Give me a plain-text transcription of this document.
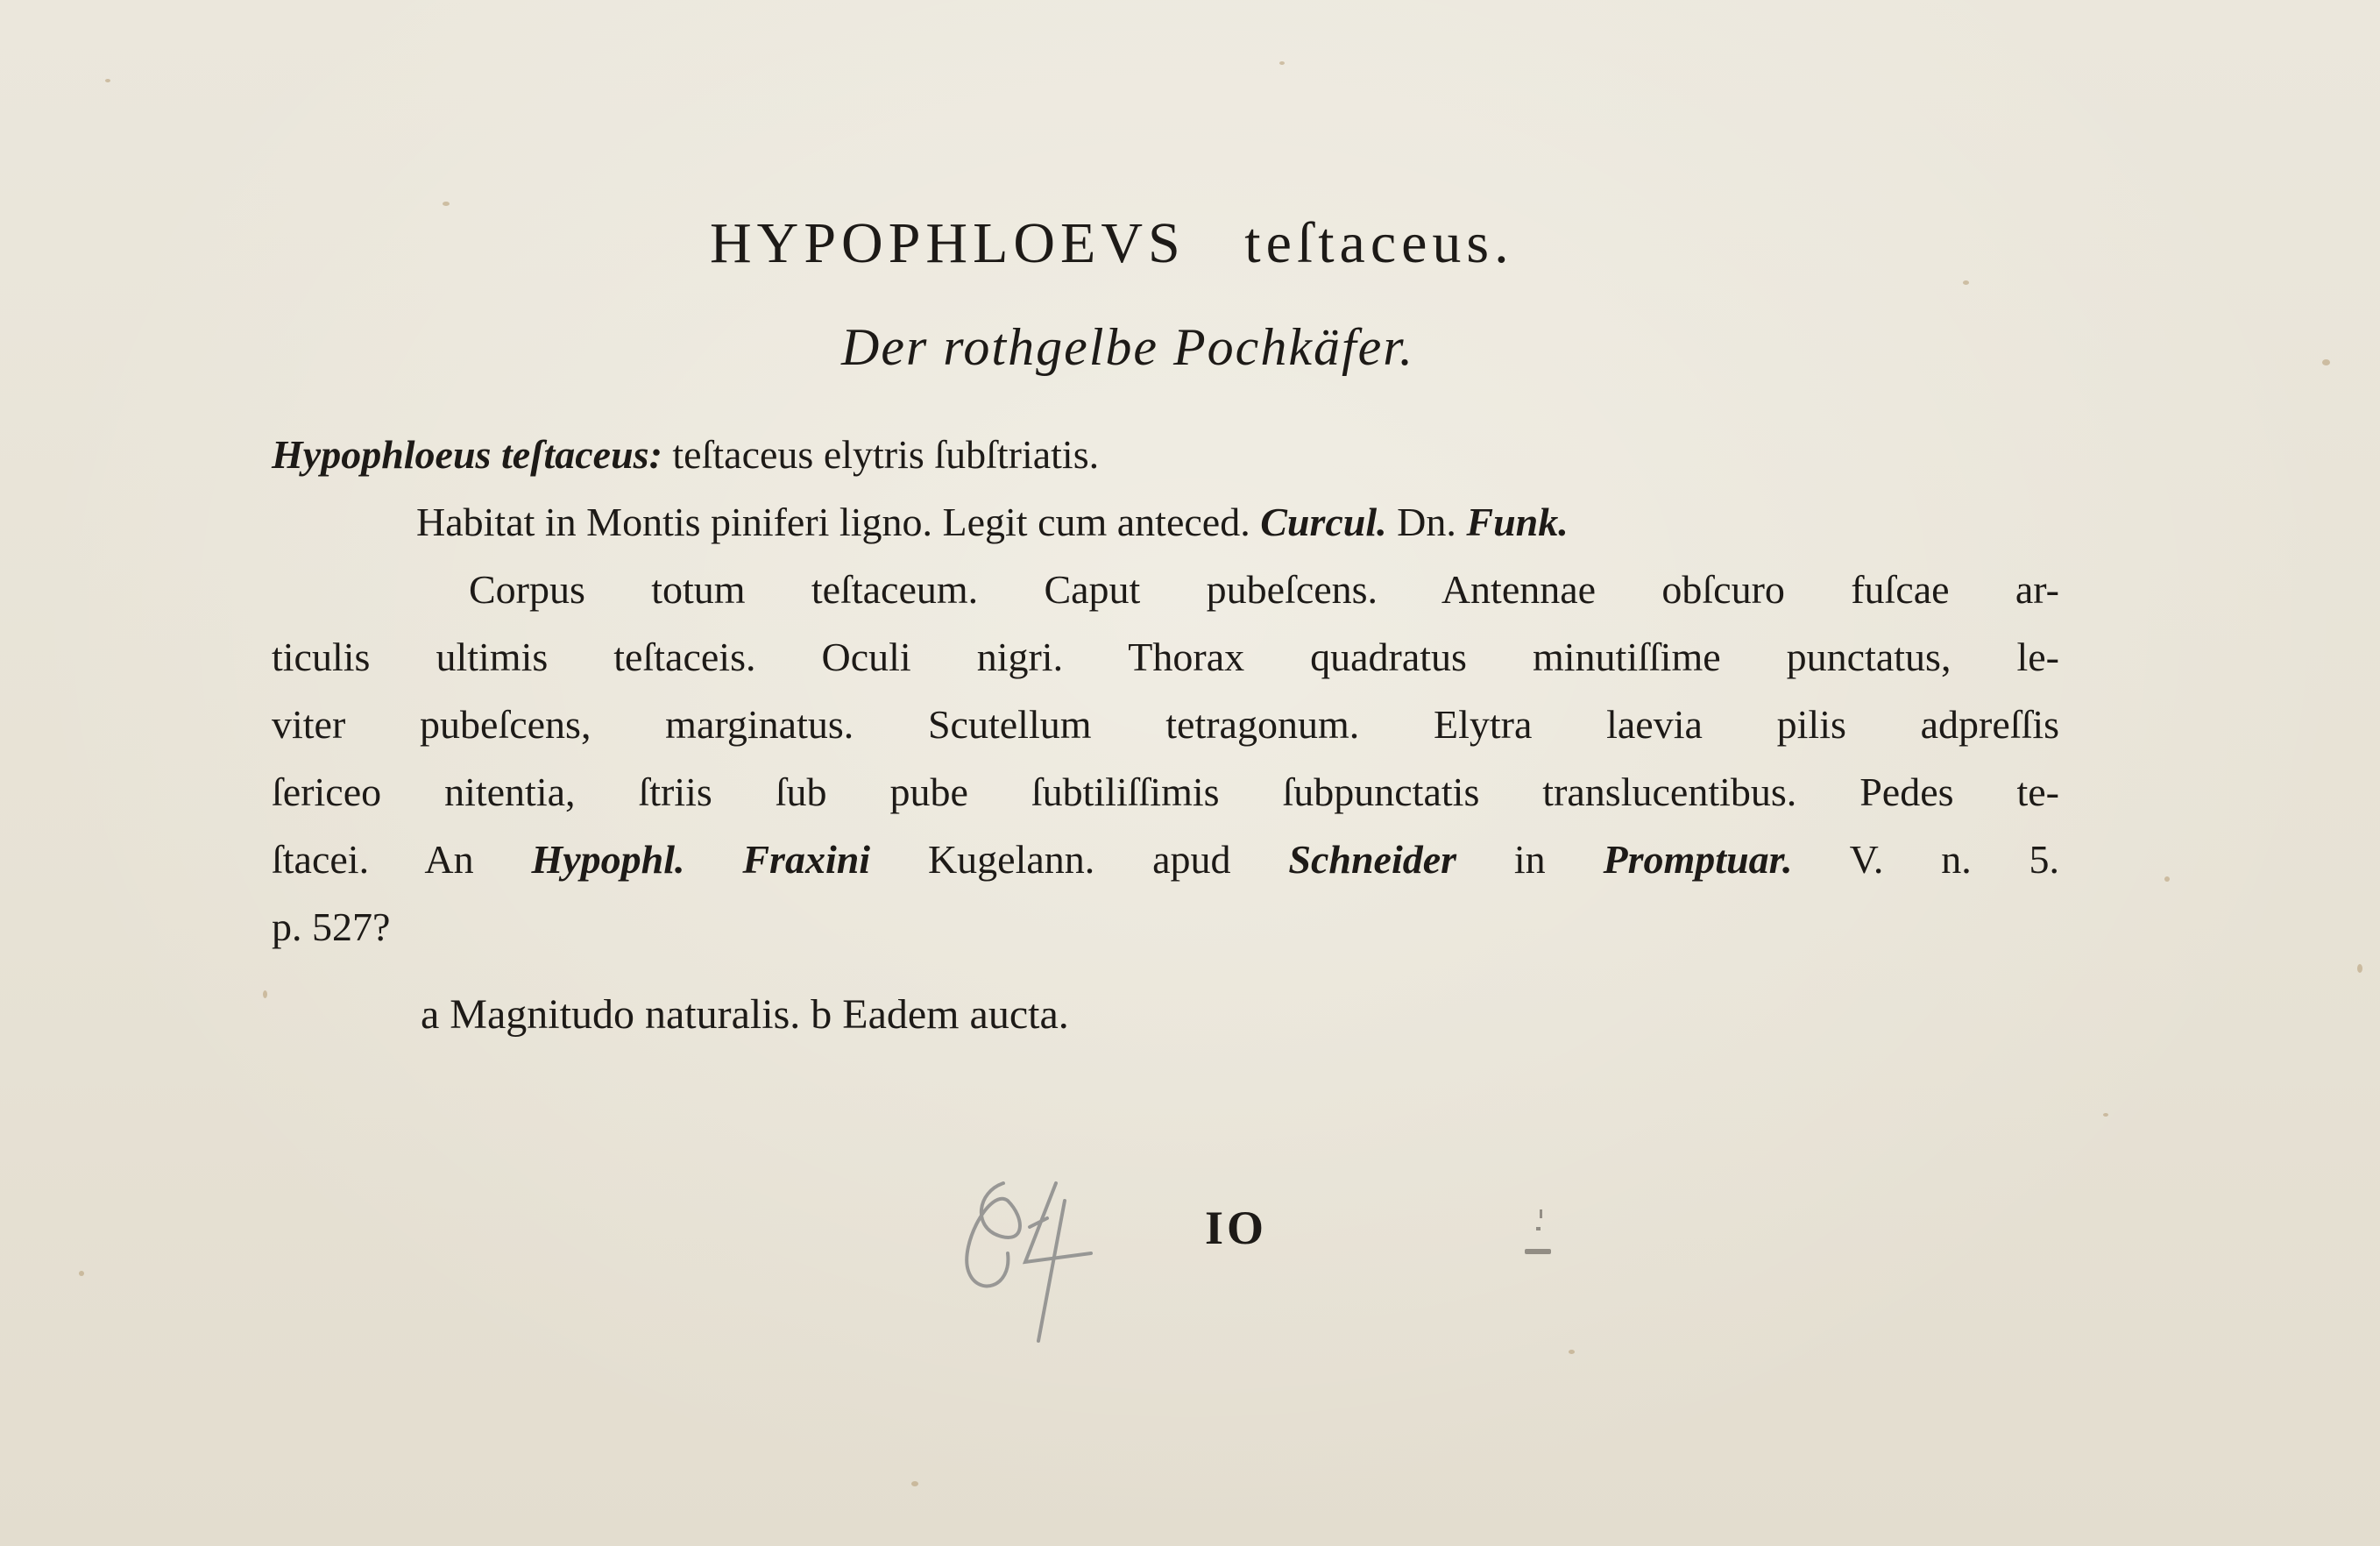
HYPOPHLOEVS teſtaceus.
Der rothgelbe Pochkäfer.
Hypophloeus teſtaceus: teſtaceus elytris ſubſtriatis.
Habitat in Montis piniferi ligno. Legit cum anteced. Curcul. Dn. Funk.
Corpus totum teſtaceum. Caput pubeſcens. Antennae obſcuro fuſcae ar-
ticulis ultimis teſtaceis. Oculi nigri. Thorax quadratus minutiſſime punctatus, le-
viter pubeſcens, marginatus. Scutellum tetragonum. Elytra laevia pilis adpreſſis
ſericeo nitentia, ſtriis ſub pube ſubtiliſſimis ſubpunctatis translucentibus. Pedes te-
ſtacei. An Hypophl. Fraxini Kugelann. apud Schneider in Promptuar. V. n. 5.
p. 527?
a Magnitudo naturalis. b Eadem aucta.
84
IO
